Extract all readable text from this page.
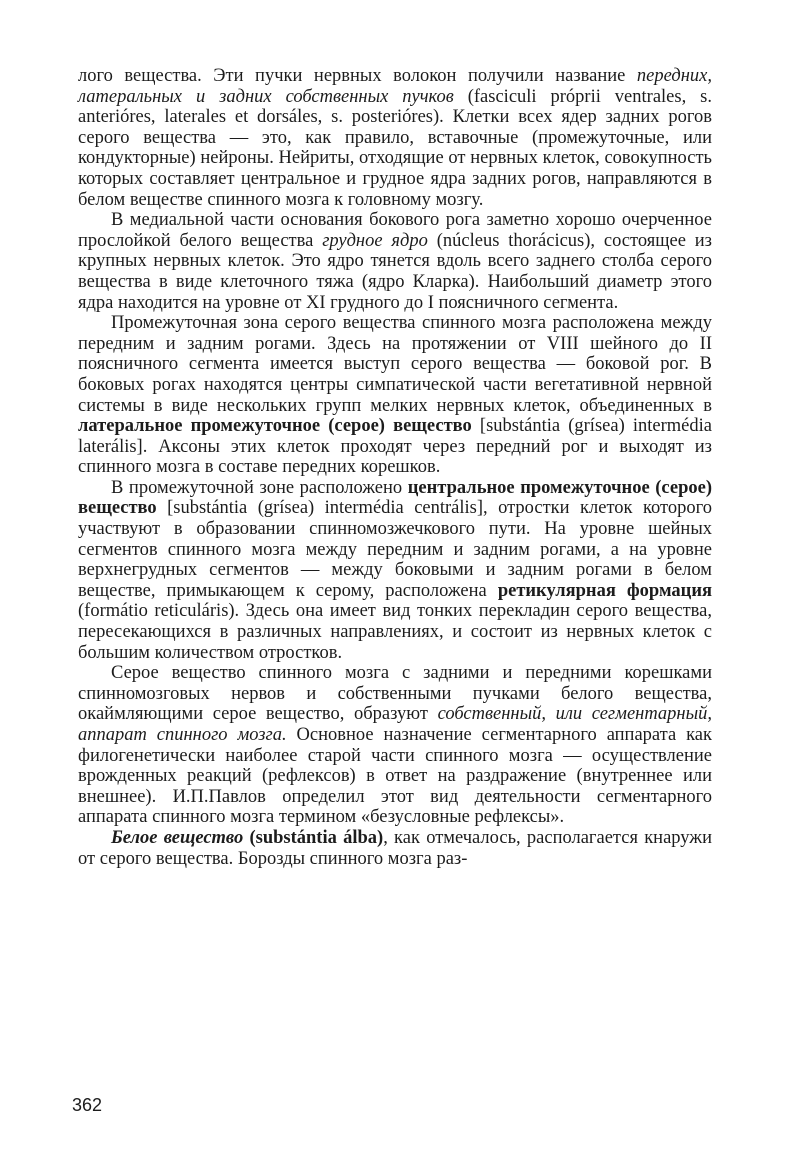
лого вещества. Эти пучки нервных волокон получили название передних, латеральных и задних собственных пучков (fasciculi própriі ventrales, s. anterióres, laterales et dorsáles, s. posterióres). Клетки всех ядер задних рогов серого вещества — это, как правило, вставочные (промежуточные, или кондукторные) нейроны. Нейриты, отходящие от нервных клеток, совокупность которых составляет центральное и грудное ядра задних рогов, направляются в белом веществе спинного мозга к головному мозгу.

В медиальной части основания бокового рога заметно хорошо очерченное прослойкой белого вещества грудное ядро (núcleus thorácicus), состоящее из крупных нервных клеток. Это ядро тянется вдоль всего заднего столба серого вещества в виде клеточного тяжа (ядро Кларка). Наибольший диаметр этого ядра находится на уровне от XI грудного до I поясничного сегмента.

Промежуточная зона серого вещества спинного мозга расположена между передним и задним рогами. Здесь на протяжении от VIII шейного до II поясничного сегмента имеется выступ серого вещества — боковой рог. В боковых рогах находятся центры симпатической части вегетативной нервной системы в виде нескольких групп мелких нервных клеток, объединенных в латеральное промежуточное (серое) вещество [substántia (grísea) intermédia laterális]. Аксоны этих клеток проходят через передний рог и выходят из спинного мозга в составе передних корешков.

В промежуточной зоне расположено центральное промежуточное (серое) вещество [substántia (grísea) intermédia centrális], отростки клеток которого участвуют в образовании спинномозжечкового пути. На уровне шейных сегментов спинного мозга между передним и задним рогами, а на уровне верхнегрудных сегментов — между боковыми и задним рогами в белом веществе, примыкающем к серому, расположена ретикулярная формация (formátio reticuláris). Здесь она имеет вид тонких перекладин серого вещества, пересекающихся в различных направлениях, и состоит из нервных клеток с большим количеством отростков.

Серое вещество спинного мозга с задними и передними корешками спинномозговых нервов и собственными пучками белого вещества, окаймляющими серое вещество, образуют собственный, или сегментарный, аппарат спинного мозга. Основное назначение сегментарного аппарата как филогенетически наиболее старой части спинного мозга — осуществление врожденных реакций (рефлексов) в ответ на раздражение (внутреннее или внешнее). И.П.Павлов определил этот вид деятельности сегментарного аппарата спинного мозга термином «безусловные рефлексы».

Белое вещество (substántia álba), как отмечалось, располагается кнаружи от серого вещества. Борозды спинного мозга раз-

362
